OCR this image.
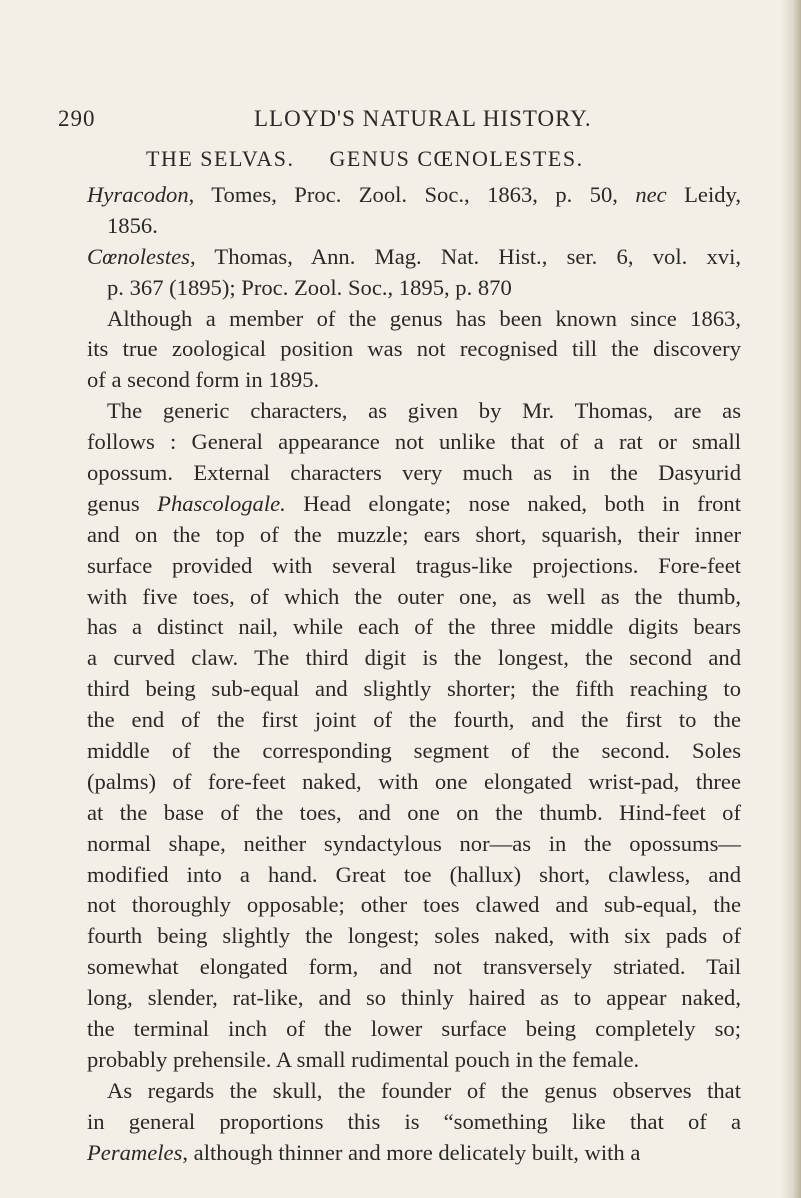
290	LLOYD'S NATURAL HISTORY.
THE SELVAS.     GENUS CŒNOLESTES.
Hyracodon, Tomes, Proc. Zool. Soc., 1863, p. 50, nec Leidy,
1856.
Cœnolestes, Thomas, Ann. Mag. Nat. Hist., ser. 6, vol. xvi,
p. 367 (1895); Proc. Zool. Soc., 1895, p. 870
Although a member of the genus has been known since 1863,
its true zoological position was not recognised till the discovery
of a second form in 1895.
The generic characters, as given by Mr. Thomas, are as
follows : General appearance not unlike that of a rat or small
opossum. External characters very much as in the Dasyurid
genus Phascologale. Head elongate; nose naked, both in front
and on the top of the muzzle; ears short, squarish, their inner
surface provided with several tragus-like projections. Fore-feet
with five toes, of which the outer one, as well as the thumb,
has a distinct nail, while each of the three middle digits bears
a curved claw. The third digit is the longest, the second and
third being sub-equal and slightly shorter; the fifth reaching to
the end of the first joint of the fourth, and the first to the
middle of the corresponding segment of the second. Soles
(palms) of fore-feet naked, with one elongated wrist-pad, three
at the base of the toes, and one on the thumb. Hind-feet of
normal shape, neither syndactylous nor—as in the opossums—
modified into a hand. Great toe (hallux) short, clawless, and
not thoroughly opposable; other toes clawed and sub-equal, the
fourth being slightly the longest; soles naked, with six pads of
somewhat elongated form, and not transversely striated. Tail
long, slender, rat-like, and so thinly haired as to appear naked,
the terminal inch of the lower surface being completely so;
probably prehensile. A small rudimental pouch in the female.
As regards the skull, the founder of the genus observes that
in general proportions this is “something like that of a
Perameles, although thinner and more delicately built, with a
